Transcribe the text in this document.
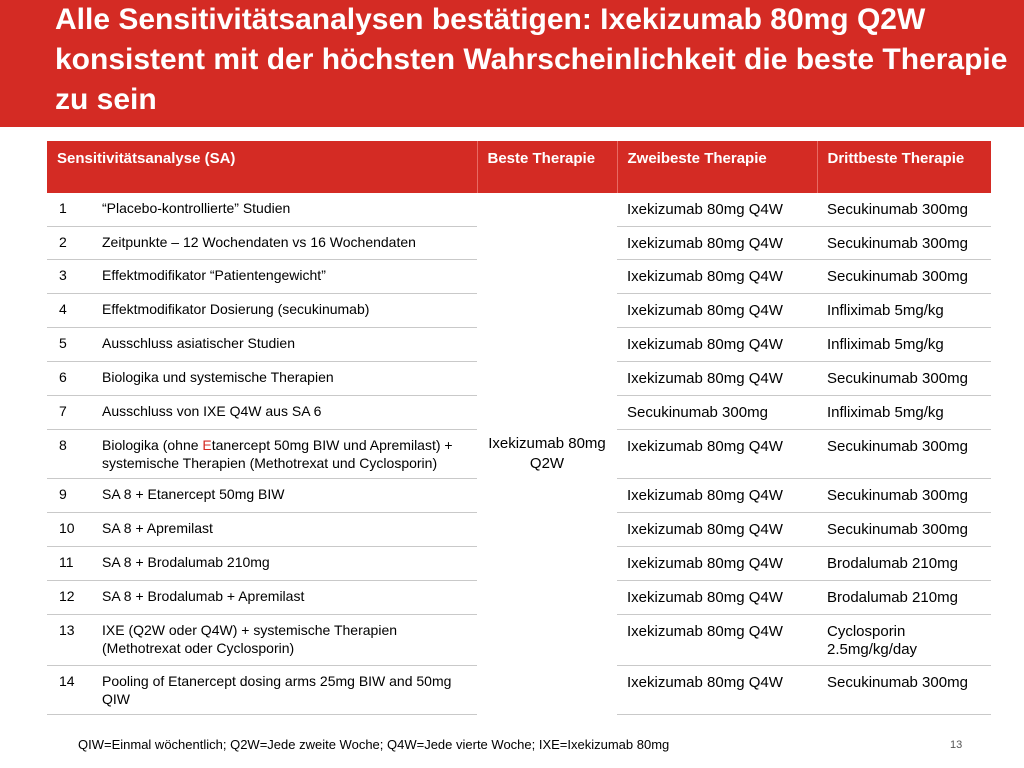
Alle Sensitivitätsanalysen bestätigen: Ixekizumab 80mg Q2W konsistent mit der höchsten Wahrscheinlichkeit die beste Therapie zu sein
Sensitivitätsanalyse (SA)		Beste Therapie	Zweibeste Therapie	Drittbeste Therapie
1	“Placebo-kontrollierte” Studien	Ixekizumab 80mg Q2W	Ixekizumab 80mg Q4W	Secukinumab 300mg
2	Zeitpunkte – 12 Wochendaten vs 16 Wochendaten		Ixekizumab 80mg Q4W	Secukinumab 300mg
3	Effektmodifikator “Patientengewicht”		Ixekizumab 80mg Q4W	Secukinumab 300mg
4	Effektmodifikator Dosierung (secukinumab)		Ixekizumab 80mg Q4W	Infliximab 5mg/kg
5	Ausschluss asiatischer Studien		Ixekizumab 80mg Q4W	Infliximab 5mg/kg
6	Biologika und systemische Therapien		Ixekizumab 80mg Q4W	Secukinumab 300mg
7	Ausschluss von IXE Q4W aus SA 6		Secukinumab 300mg	Infliximab 5mg/kg
8	Biologika (ohne Etanercept 50mg BIW und Apremilast) + systemische Therapien (Methotrexat und Cyclosporin)		Ixekizumab 80mg Q4W	Secukinumab 300mg
9	SA 8 + Etanercept 50mg BIW		Ixekizumab 80mg Q4W	Secukinumab 300mg
10	SA 8 + Apremilast		Ixekizumab 80mg Q4W	Secukinumab 300mg
11	SA 8 + Brodalumab 210mg		Ixekizumab 80mg Q4W	Brodalumab 210mg
12	SA 8 + Brodalumab + Apremilast		Ixekizumab 80mg Q4W	Brodalumab 210mg
13	IXE (Q2W oder Q4W) + systemische Therapien (Methotrexat oder Cyclosporin)		Ixekizumab 80mg Q4W	Cyclosporin 2.5mg/kg/day
14	Pooling of Etanercept dosing arms 25mg BIW and 50mg QIW		Ixekizumab 80mg Q4W	Secukinumab 300mg
QIW=Einmal wöchentlich; Q2W=Jede zweite Woche; Q4W=Jede vierte Woche; IXE=Ixekizumab 80mg	13
